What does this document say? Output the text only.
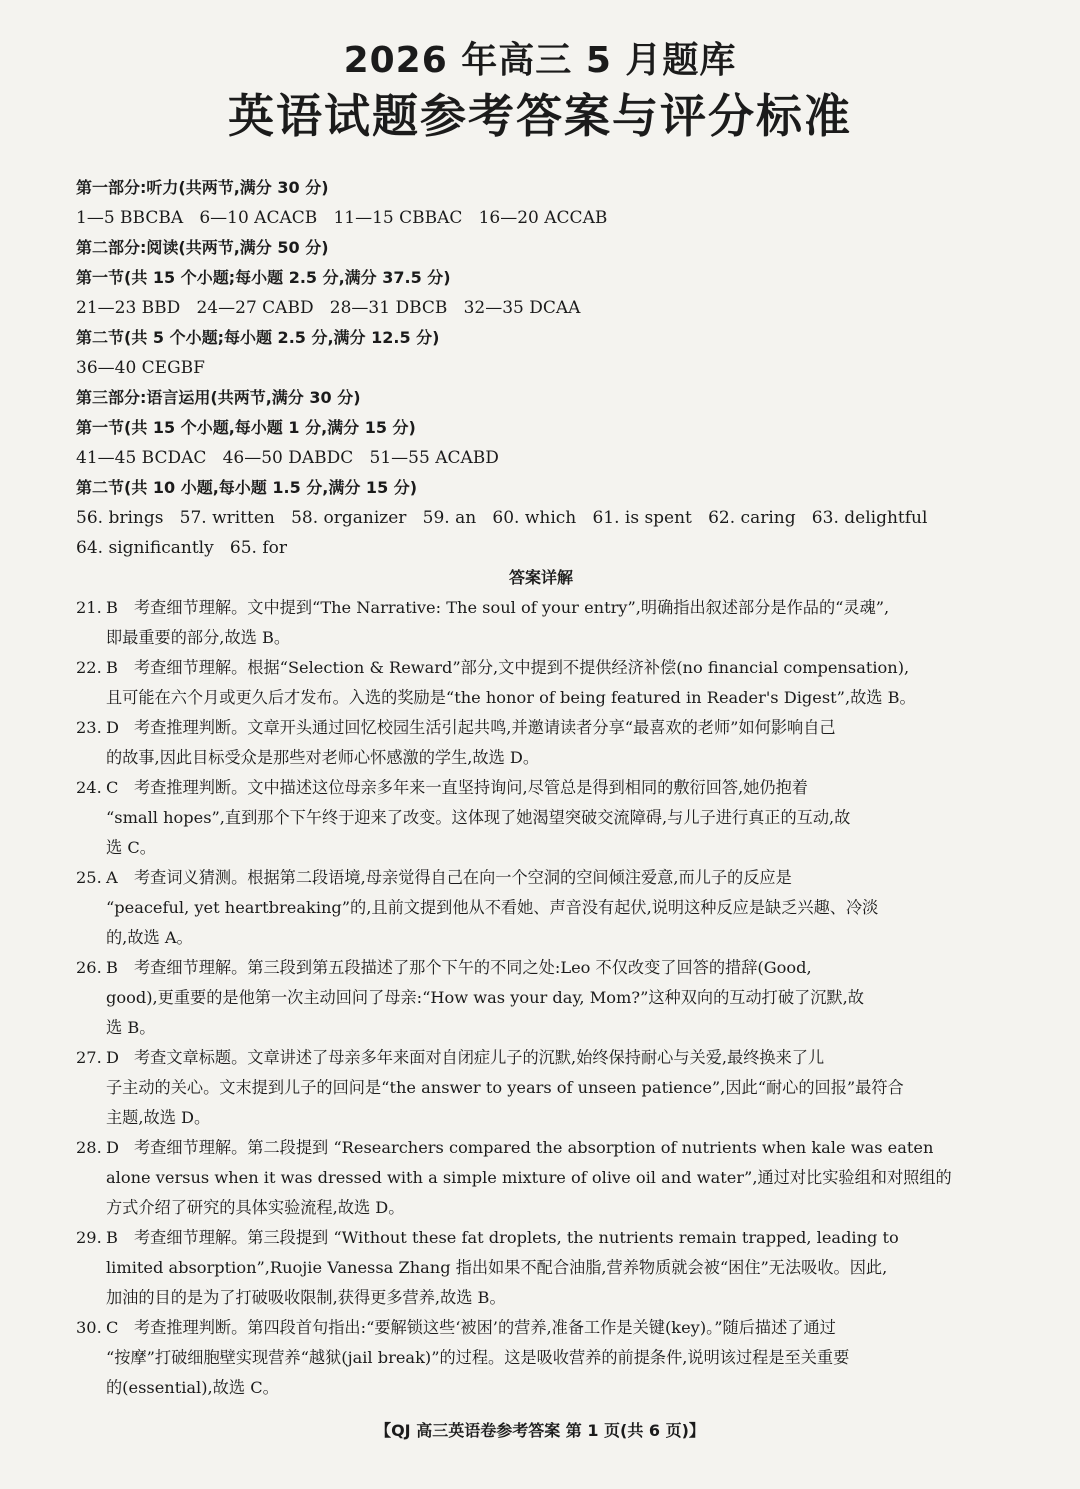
2026 年高三 5 月题库
英语试题参考答案与评分标准
第一部分:听力(共两节,满分 30 分)
1—5 BBCBA   6—10 ACACB   11—15 CBBAC   16—20 ACCAB
第二部分:阅读(共两节,满分 50 分)
第一节(共 15 个小题;每小题 2.5 分,满分 37.5 分)
21—23 BBD   24—27 CABD   28—31 DBCB   32—35 DCAA
第二节(共 5 个小题;每小题 2.5 分,满分 12.5 分)
36—40 CEGBF
第三部分:语言运用(共两节,满分 30 分)
第一节(共 15 个小题,每小题 1 分,满分 15 分)
41—45 BCDAC   46—50 DABDC   51—55 ACABD
第二节(共 10 小题,每小题 1.5 分,满分 15 分)
56. brings   57. written   58. organizer   59. an   60. which   61. is spent   62. caring   63. delightful
64. significantly   65. for
答案详解
21. B 考查细节理解。文中提到“The Narrative: The soul of your entry”,明确指出叙述部分是作品的“灵魂”,
即最重要的部分,故选 B。
22. B 考查细节理解。根据“Selection & Reward”部分,文中提到不提供经济补偿(no financial compensation),
且可能在六个月或更久后才发布。入选的奖励是“the honor of being featured in Reader's Digest”,故选 B。
23. D 考查推理判断。文章开头通过回忆校园生活引起共鸣,并邀请读者分享“最喜欢的老师”如何影响自己
的故事,因此目标受众是那些对老师心怀感激的学生,故选 D。
24. C 考查推理判断。文中描述这位母亲多年来一直坚持询问,尽管总是得到相同的敷衍回答,她仍抱着
“small hopes”,直到那个下午终于迎来了改变。这体现了她渴望突破交流障碍,与儿子进行真正的互动,故
选 C。
25. A	考查词义猜测。根据第二段语境,母亲觉得自己在向一个空洞的空间倾注爱意,而儿子的反应是
“peaceful, yet heartbreaking”的,且前文提到他从不看她、声音没有起伏,说明这种反应是缺乏兴趣、冷淡
的,故选 A。
26. B 考查细节理解。第三段到第五段描述了那个下午的不同之处:Leo 不仅改变了回答的措辞(Good,
good),更重要的是他第一次主动回问了母亲:“How was your day, Mom?”这种双向的互动打破了沉默,故
选 B。
27. D 考查文章标题。文章讲述了母亲多年来面对自闭症儿子的沉默,始终保持耐心与关爱,最终换来了儿
子主动的关心。文末提到儿子的回问是“the answer to years of unseen patience”,因此“耐心的回报”最符合
主题,故选 D。
28. D 考查细节理解。第二段提到 “Researchers compared the absorption of nutrients when kale was eaten
alone versus when it was dressed with a simple mixture of olive oil and water”,通过对比实验组和对照组的
方式介绍了研究的具体实验流程,故选 D。
29. B 考查细节理解。第三段提到 “Without these fat droplets, the nutrients remain trapped, leading to
limited absorption”,Ruojie Vanessa Zhang 指出如果不配合油脂,营养物质就会被“困住”无法吸收。因此,
加油的目的是为了打破吸收限制,获得更多营养,故选 B。
30. C 考查推理判断。第四段首句指出:“要解锁这些‘被困’的营养,准备工作是关键(key)。”随后描述了通过
“按摩”打破细胞壁实现营养“越狱(jail break)”的过程。这是吸收营养的前提条件,说明该过程是至关重要
的(essential),故选 C。
【QJ 高三英语卷参考答案 第 1 页(共 6 页)】
